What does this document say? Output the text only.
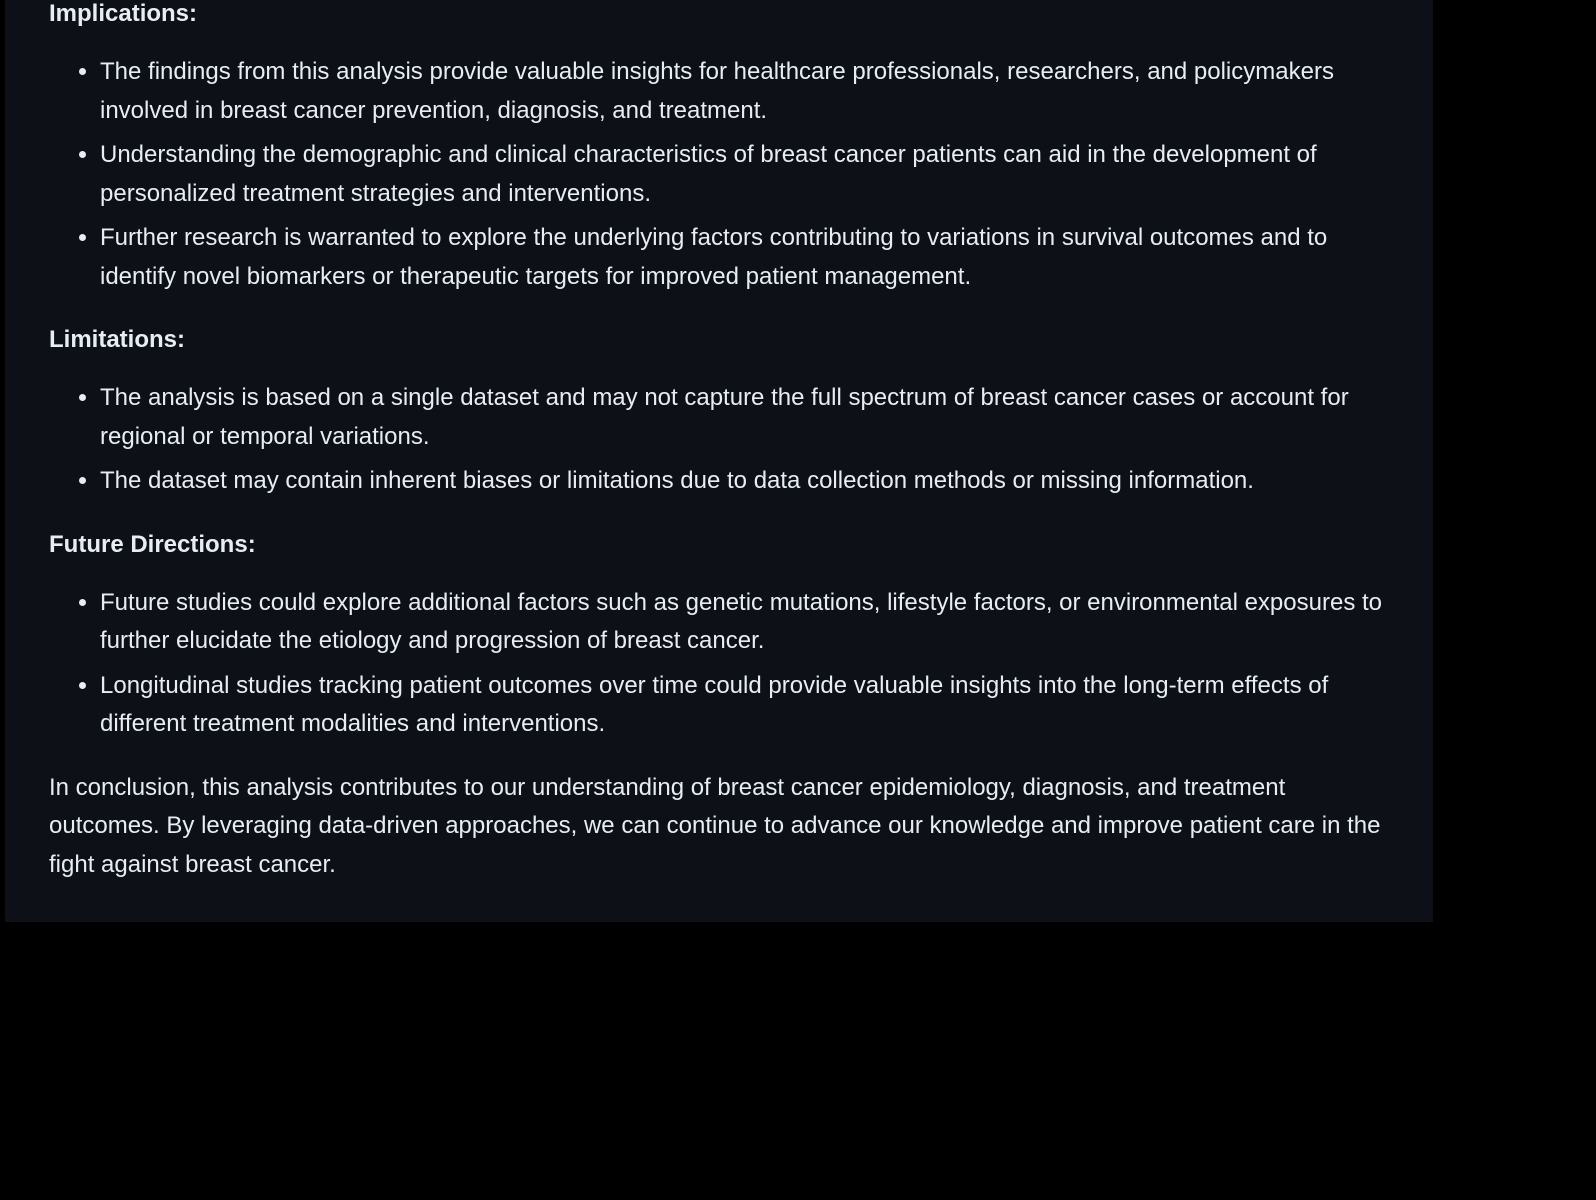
Implications:
• The findings from this analysis provide valuable insights for healthcare professionals, researchers, and policymakers involved in breast cancer prevention, diagnosis, and treatment.
• Understanding the demographic and clinical characteristics of breast cancer patients can aid in the development of personalized treatment strategies and interventions.
• Further research is warranted to explore the underlying factors contributing to variations in survival outcomes and to identify novel biomarkers or therapeutic targets for improved patient management.
Limitations:
• The analysis is based on a single dataset and may not capture the full spectrum of breast cancer cases or account for regional or temporal variations.
• The dataset may contain inherent biases or limitations due to data collection methods or missing information.
Future Directions:
• Future studies could explore additional factors such as genetic mutations, lifestyle factors, or environmental exposures to further elucidate the etiology and progression of breast cancer.
• Longitudinal studies tracking patient outcomes over time could provide valuable insights into the long-term effects of different treatment modalities and interventions.

In conclusion, this analysis contributes to our understanding of breast cancer epidemiology, diagnosis, and treatment outcomes. By leveraging data-driven approaches, we can continue to advance our knowledge and improve patient care in the fight against breast cancer.
